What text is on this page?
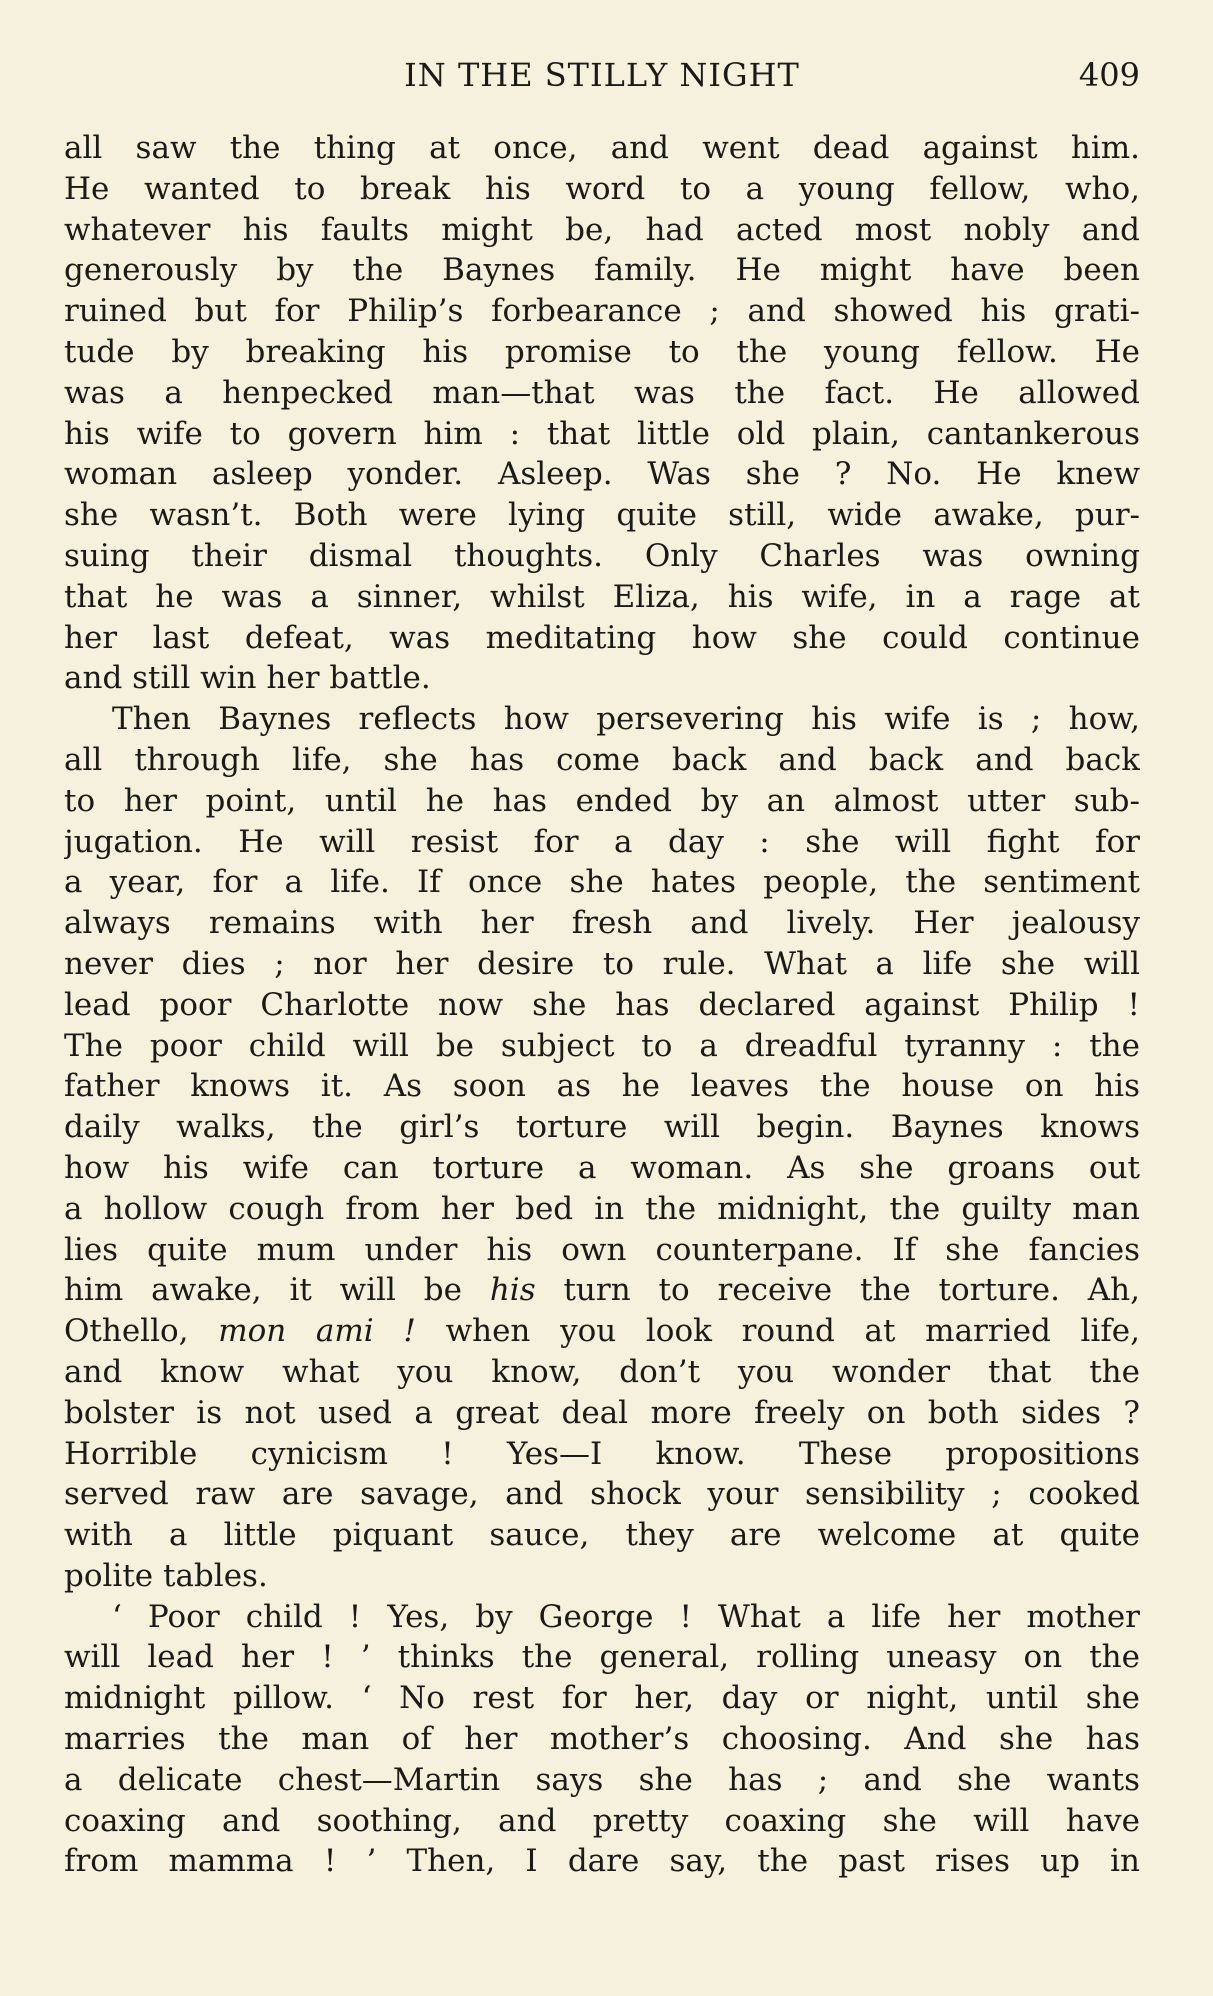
IN THE STILLY NIGHT	409
all saw the thing at once, and went dead against him.
He wanted to break his word to a young fellow, who,
whatever his faults might be, had acted most nobly and
generously by the Baynes family. He might have been
ruined but for Philip’s forbearance ; and showed his grati-
tude by breaking his promise to the young fellow. He
was a henpecked man—that was the fact. He allowed
his wife to govern him : that little old plain, cantankerous
woman asleep yonder. Asleep. Was she ? No. He knew
she wasn’t. Both were lying quite still, wide awake, pur-
suing their dismal thoughts. Only Charles was owning
that he was a sinner, whilst Eliza, his wife, in a rage at
her last defeat, was meditating how she could continue
and still win her battle.
Then Baynes reflects how persevering his wife is ; how,
all through life, she has come back and back and back
to her point, until he has ended by an almost utter sub-
jugation. He will resist for a day : she will fight for
a year, for a life. If once she hates people, the sentiment
always remains with her fresh and lively. Her jealousy
never dies ; nor her desire to rule. What a life she will
lead poor Charlotte now she has declared against Philip !
The poor child will be subject to a dreadful tyranny : the
father knows it. As soon as he leaves the house on his
daily walks, the girl’s torture will begin. Baynes knows
how his wife can torture a woman. As she groans out
a hollow cough from her bed in the midnight, the guilty man
lies quite mum under his own counterpane. If she fancies
him awake, it will be his turn to receive the torture. Ah,
Othello, mon ami ! when you look round at married life,
and know what you know, don’t you wonder that the
bolster is not used a great deal more freely on both sides ?
Horrible cynicism ! Yes—I know. These propositions
served raw are savage, and shock your sensibility ; cooked
with a little piquant sauce, they are welcome at quite
polite tables.
‘ Poor child ! Yes, by George ! What a life her mother
will lead her ! ’ thinks the general, rolling uneasy on the
midnight pillow. ‘ No rest for her, day or night, until she
marries the man of her mother’s choosing. And she has
a delicate chest—Martin says she has ; and she wants
coaxing and soothing, and pretty coaxing she will have
from mamma ! ’ Then, I dare say, the past rises up in
